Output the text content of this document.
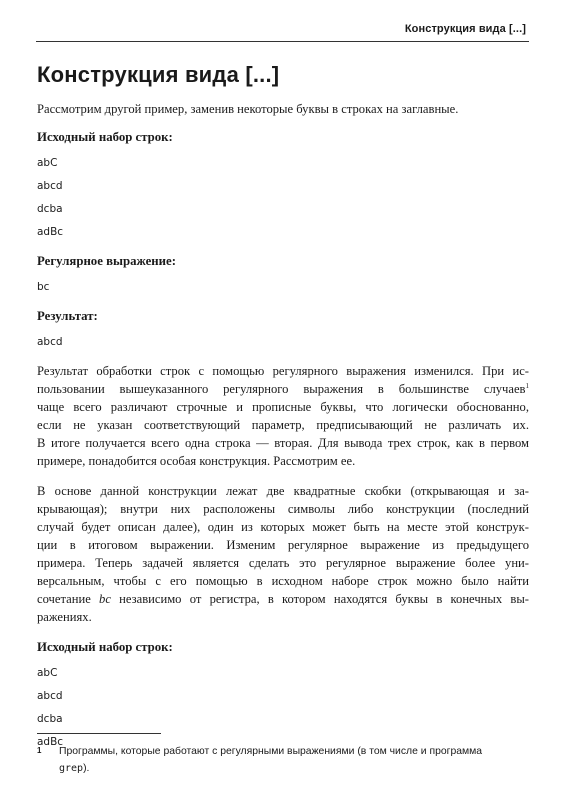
Конструкция вида [...]
Конструкция вида [...]

Рассмотрим другой пример, заменив некоторые буквы в строках на заглавные.

Исходный набор строк:

abC
abcd
dcba
adBc

Регулярное выражение:

bc

Результат:

abcd
Результат обработки строк с помощью регулярного выражения изменился. При ис-
пользовании вышеуказанного регулярного выражения в большинстве случаев$^1$
чаще всего различают строчные и прописные буквы, что логически обоснованно,
если не указан соответствующий параметр, предписывающий не различать их.
В итоге получается всего одна строка — вторая. Для вывода трех строк, как в первом
примере, понадобится особая конструкция. Рассмотрим ее.
В основе данной конструкции лежат две квадратные скобки (открывающая и за-
крывающая); внутри них расположены символы либо конструкции (последний
случай будет описан далее), один из которых может быть на месте этой конструк-
ции в итоговом выражении. Изменим регулярное выражение из предыдущего
примера. Теперь задачей является сделать это регулярное выражение более уни-
версальным, чтобы с его помощью в исходном наборе строк можно было найти
сочетание bc независимо от регистра, в котором находятся буквы в конечных вы-
ражениях.

Исходный набор строк:

abC
abcd
dcba
adBc
1 Программы, которые работают с регулярными выражениями (в том числе и программа
grep).
